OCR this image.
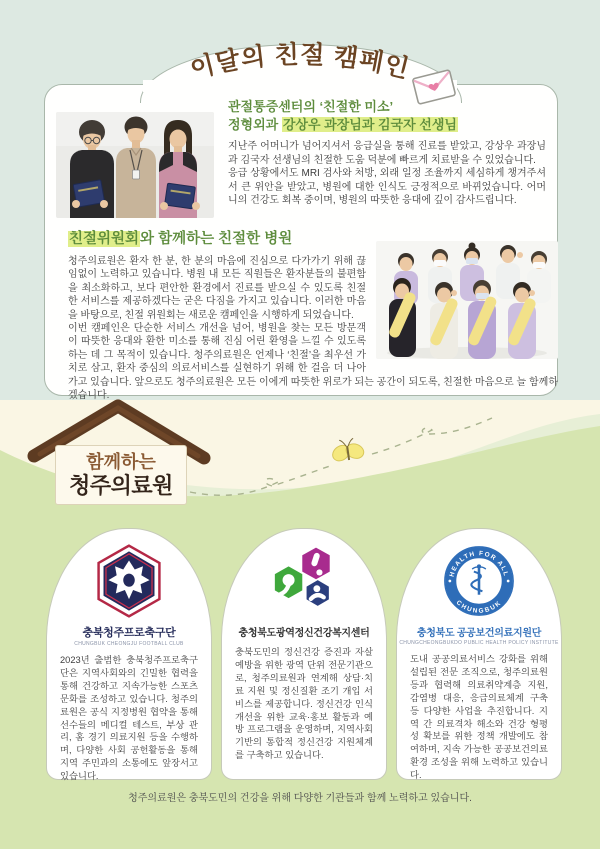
이달의 친절 캠페인
관절통증센터의 ‘친절한 미소’
정형외과 강상우 과장님과 김국자 선생님

지난주 어머니가 넘어지셔서 응급실을 통해 진료를 받았고, 강상우 과장님과 김국자 선생님의 친절한 도움 덕분에 빠르게 치료받을 수 있었습니다.

응급 상황에서도 MRI 검사와 처방, 외래 일정 조율까지 세심하게 챙겨주셔서 큰 위안을 받았고, 병원에 대한 인식도 긍정적으로 바뀌었습니다. 어머니의 건강도 회복 중이며, 병원의 따뜻한 응대에 깊이 감사드립니다.

친절위원회와 함께하는 친절한 병원

청주의료원은 환자 한 분, 한 분의 마음에 진심으로 다가가기 위해 끊임없이 노력하고 있습니다. 병원 내 모든 직원들은 환자분들의 불편함을 최소화하고, 보다 편안한 환경에서 진료를 받으실 수 있도록 친절한 서비스를 제공하겠다는 굳은 다짐을 가지고 있습니다. 이러한 마음을 바탕으로, 친절 위원회는 새로운 캠페인을 시행하게 되었습니다.

이번 캠페인은 단순한 서비스 개선을 넘어, 병원을 찾는 모든 방문객이 따뜻한 응대와 환한 미소를 통해 진심 어린 환영을 느낄 수 있도록 하는 데 그 목적이 있습니다. 청주의료원은 언제나 ‘친절’을 최우선 가치로 삼고, 환자 중심의 의료서비스를 실현하기 위해 한 걸음 더 나아가고 있습니다. 앞으로도 청주의료원은 모든 이에게 따뜻한 위로가 되는 공간이 되도록, 친절한 마음으로 늘 함께하겠습니다.

함께하는
청주의료원
충북청주프로축구단
CHUNGBUK CHEONGJU FOOTBALL CLUB
2023년 출범한 충북청주프로축구단은 지역사회와의 긴밀한 협력을 통해 건강하고 지속가능한 스포츠 문화를 조성하고 있습니다. 청주의료원은 공식 지정병원 협약을 통해 선수들의 메디컬 테스트, 부상 관리, 홈 경기 의료지원 등을 수행하며, 다양한 사회 공헌활동을 통해 지역 주민과의 소통에도 앞장서고 있습니다.
충청북도광역정신건강복지센터
충북도민의 정신건강 증진과 자살 예방을 위한 광역 단위 전문기관으로, 청주의료원과 연계해 상담·치료 지원 및 정신질환 조기 개입 서비스를 제공합니다. 정신건강 인식 개선을 위한 교육·홍보 활동과 예방 프로그램을 운영하며, 지역사회 기반의 통합적 정신건강 지원체계를 구축하고 있습니다.
HEALTH FOR ALL
CHUNGBUK
충청북도 공공보건의료지원단
CHUNGCHEONGBUKDO PUBLIC HEALTH POLICY INSTITUTE
도내 공공의료서비스 강화를 위해 설립된 전문 조직으로, 청주의료원 등과 협력해 의료취약계층 지원, 감염병 대응, 응급의료체계 구축 등 다양한 사업을 추진합니다. 지역 간 의료격차 해소와 건강 형평성 확보를 위한 정책 개발에도 참여하며, 지속 가능한 공공보건의료 환경 조성을 위해 노력하고 있습니다.
청주의료원은 충북도민의 건강을 위해 다양한 기관들과 함께 노력하고 있습니다.
